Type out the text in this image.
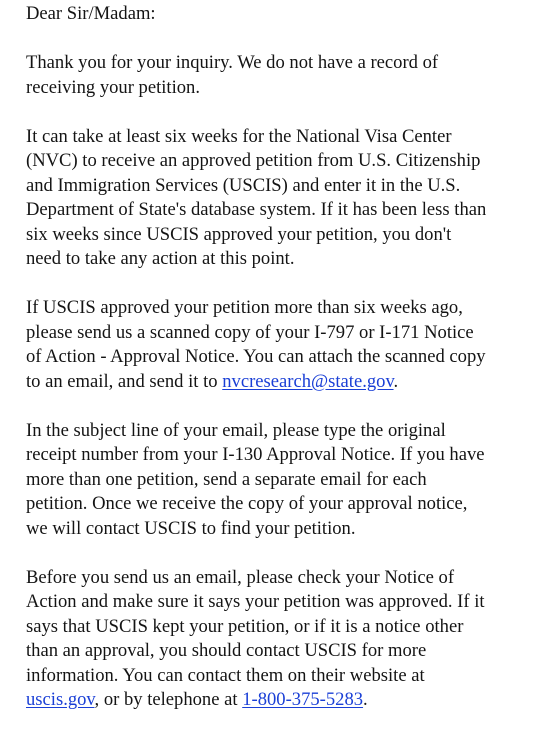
Dear Sir/Madam:
Thank you for your inquiry. We do not have a record of
receiving your petition.
It can take at least six weeks for the National Visa Center
(NVC) to receive an approved petition from U.S. Citizenship
and Immigration Services (USCIS) and enter it in the U.S.
Department of State's database system. If it has been less than
six weeks since USCIS approved your petition, you don't
need to take any action at this point.
If USCIS approved your petition more than six weeks ago,
please send us a scanned copy of your I-797 or I-171 Notice
of Action - Approval Notice. You can attach the scanned copy
to an email, and send it to nvcresearch@state.gov.
In the subject line of your email, please type the original
receipt number from your I-130 Approval Notice. If you have
more than one petition, send a separate email for each
petition. Once we receive the copy of your approval notice,
we will contact USCIS to find your petition.
Before you send us an email, please check your Notice of
Action and make sure it says your petition was approved. If it
says that USCIS kept your petition, or if it is a notice other
than an approval, you should contact USCIS for more
information. You can contact them on their website at
uscis.gov, or by telephone at 1-800-375-5283.
